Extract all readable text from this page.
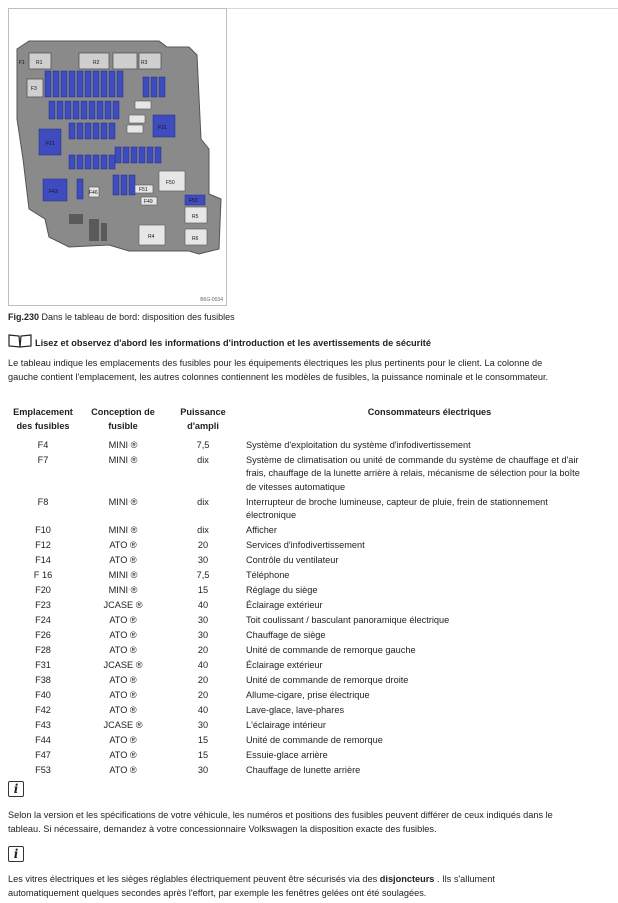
F1 R1	R2	R3
F3
F21
F31
F43
F53
F50
R4
R5
R6
F46
F49
F51
B6G-0034
Fig.230 Dans le tableau de bord: disposition des fusibles
Lisez et observez d'abord les informations d'introduction et les avertissements de sécurité

Le tableau indique les emplacements des fusibles pour les équipements électriques les plus pertinents pour le client. La colonne de gauche contient l'emplacement, les autres colonnes contiennent les modèles de fusibles, la puissance nominale et le consommateur.

Emplacement des fusibles	Conception de fusible	Puissance d'ampli	Consommateurs électriques
F4	MINI ®	7,5	Système d'exploitation du système d'infodivertissement
F7	MINI ®	dix	Système de climatisation ou unité de commande du système de chauffage et d'air frais, chauffage de la lunette arrière à relais, mécanisme de sélection pour la boîte de vitesses automatique
F8	MINI ®	dix	Interrupteur de broche lumineuse, capteur de pluie, frein de stationnement électronique
F10	MINI ®	dix	Afficher
F12	ATO ®	20	Services d'infodivertissement
F14	ATO ®	30	Contrôle du ventilateur
F 16	MINI ®	7,5	Téléphone
F20	MINI ®	15	Réglage du siège
F23	JCASE ®	40	Éclairage extérieur
F24	ATO ®	30	Toit coulissant / basculant panoramique électrique
F26	ATO ®	30	Chauffage de siège
F28	ATO ®	20	Unité de commande de remorque gauche
F31	JCASE ®	40	Éclairage extérieur
F38	ATO ®	20	Unité de commande de remorque droite
F40	ATO ®	20	Allume-cigare, prise électrique
F42	ATO ®	40	Lave-glace, lave-phares
F43	JCASE ®	30	L'éclairage intérieur
F44	ATO ®	15	Unité de commande de remorque
F47	ATO ®	15	Essuie-glace arrière
F53	ATO ®	30	Chauffage de lunette arrière
i

Selon la version et les spécifications de votre véhicule, les numéros et positions des fusibles peuvent différer de ceux indiqués dans le tableau. Si nécessaire, demandez à votre concessionnaire Volkswagen la disposition exacte des fusibles.

i

Les vitres électriques et les sièges réglables électriquement peuvent être sécurisés via des disjoncteurs . Ils s'allument automatiquement quelques secondes après l'effort, par exemple les fenêtres gelées ont été soulagées.
